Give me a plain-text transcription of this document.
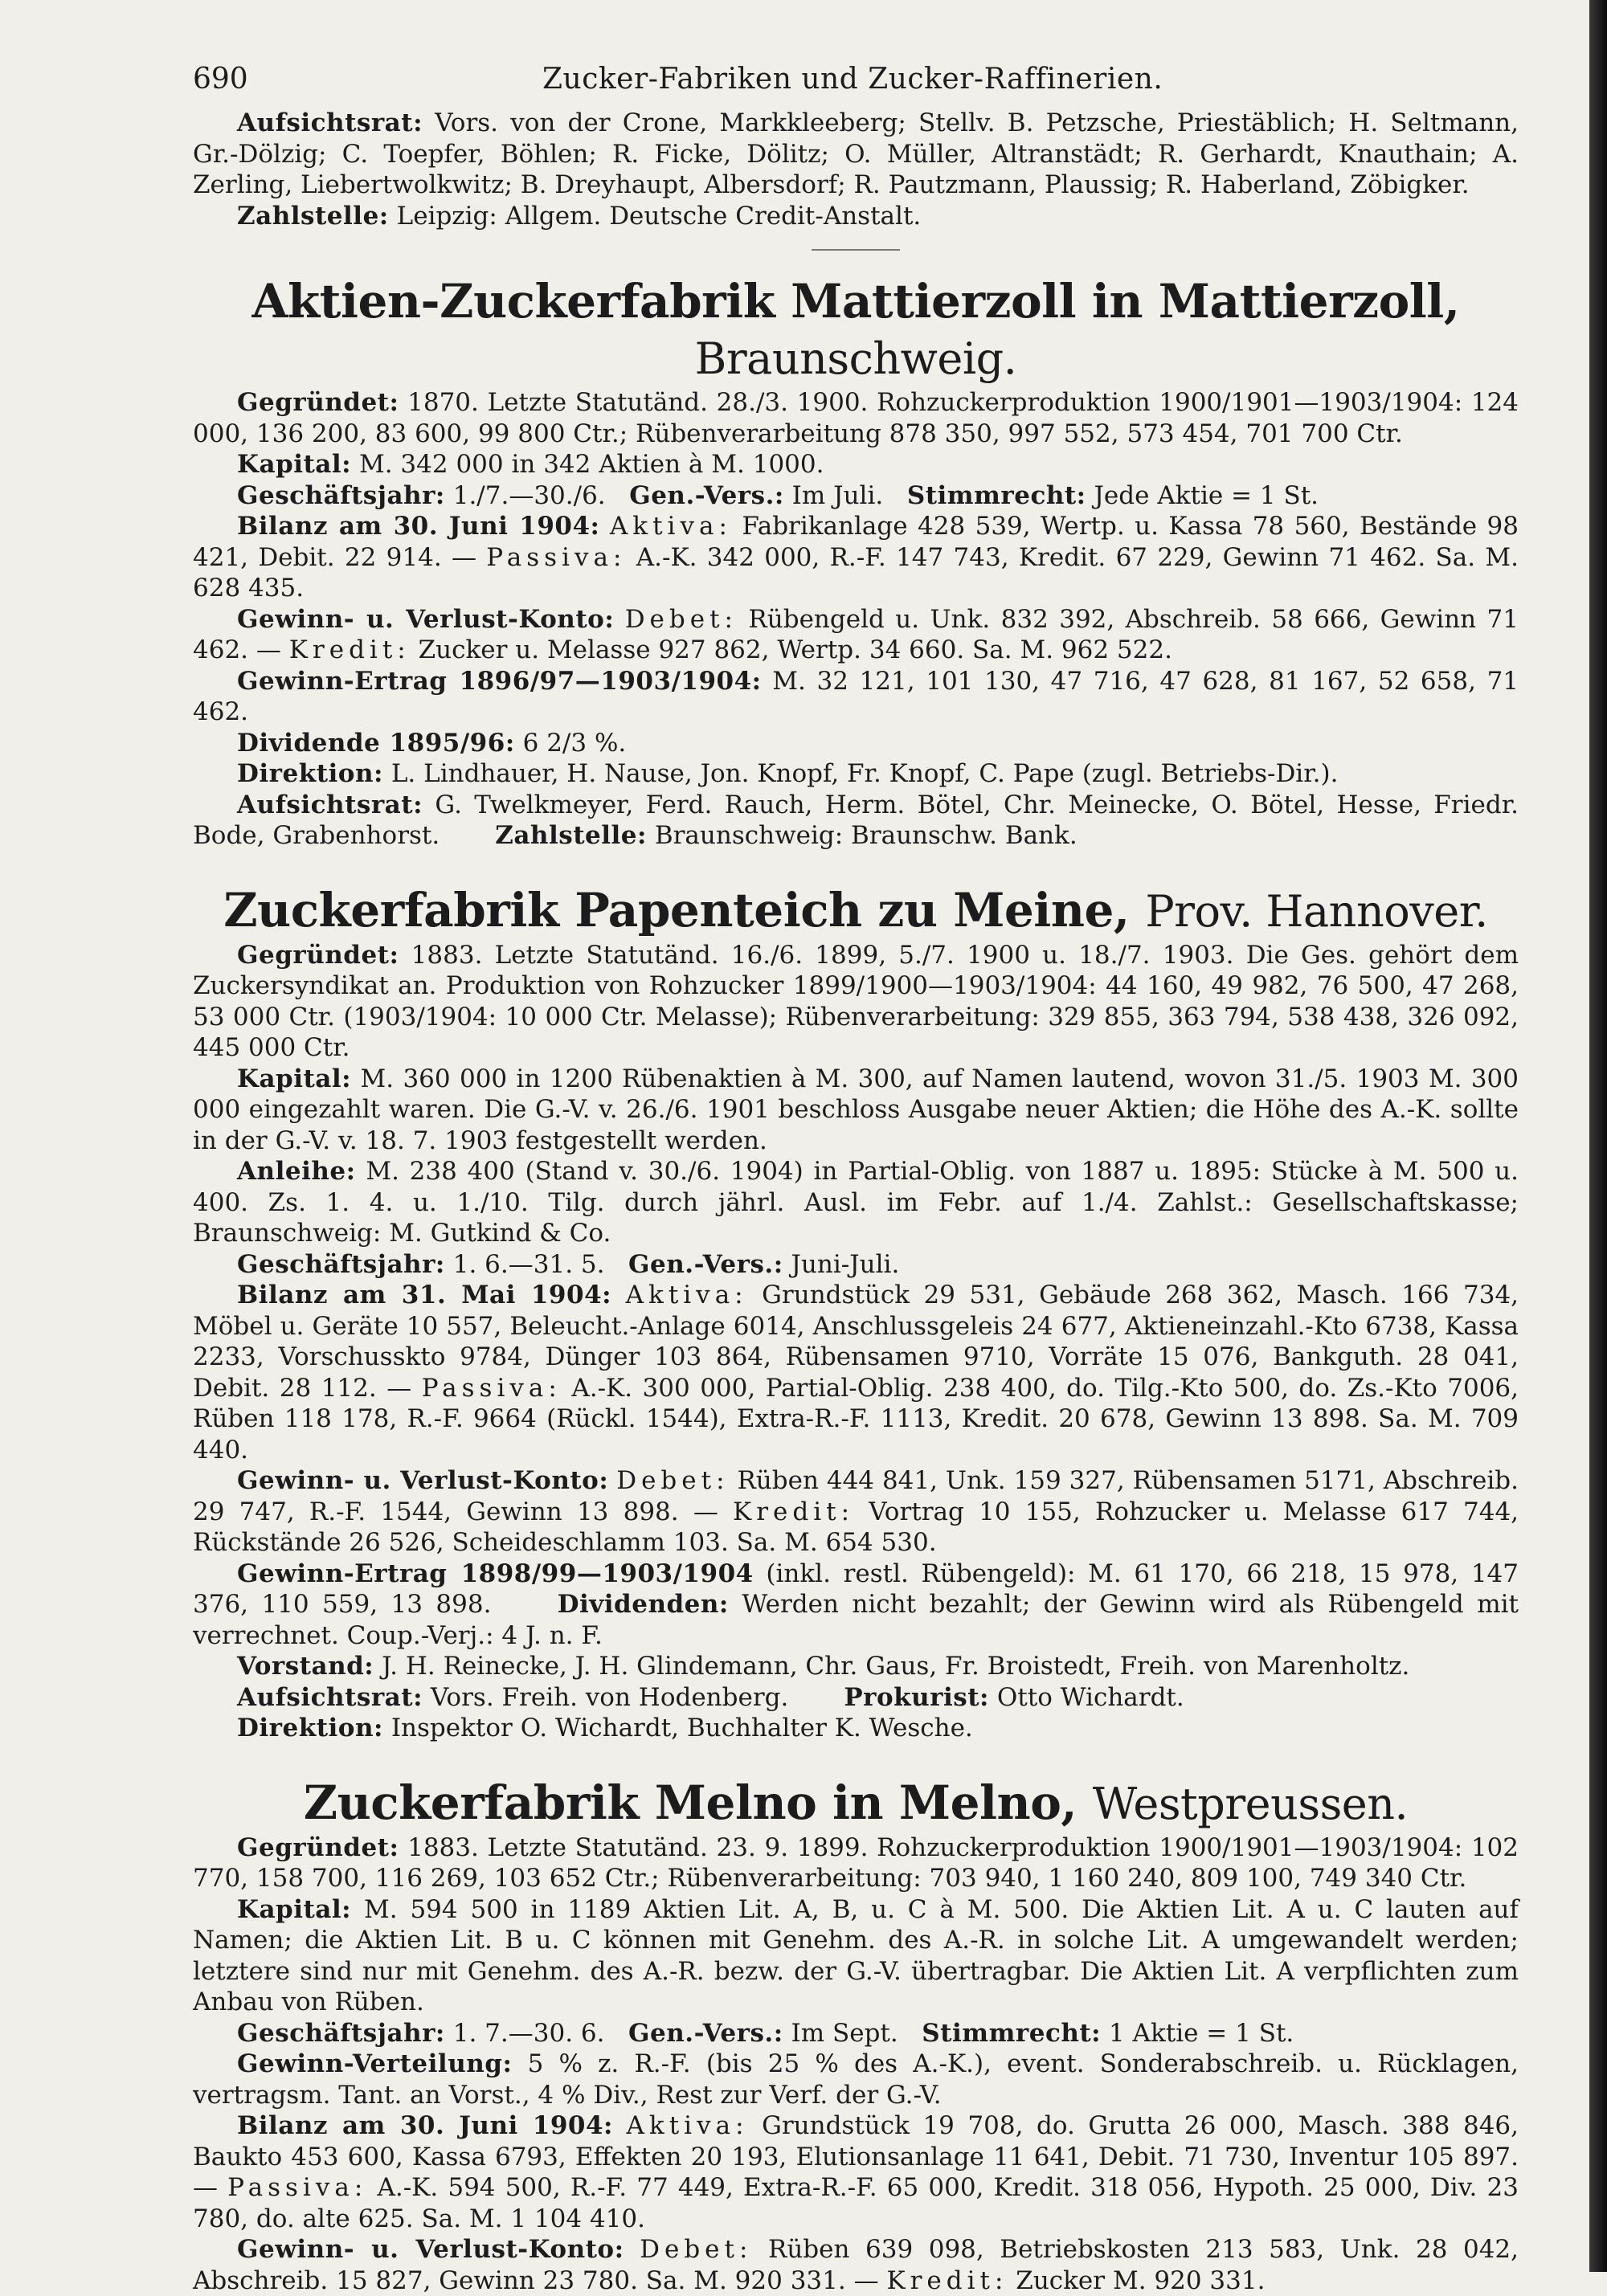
690	Zucker-Fabriken und Zucker-Raffinerien.

Aufsichtsrat: Vors. von der Crone, Markkleeberg; Stellv. B. Petzsche, Priestäblich; H. Seltmann, Gr.-Dölzig; C. Toepfer, Böhlen; R. Ficke, Dölitz; O. Müller, Altranstädt; R. Gerhardt, Knauthain; A. Zerling, Liebertwolkwitz; B. Dreyhaupt, Albersdorf; R. Pautzmann, Plaussig; R. Haberland, Zöbigker.

Zahlstelle: Leipzig: Allgem. Deutsche Credit-Anstalt.

Aktien-Zuckerfabrik Mattierzoll in Mattierzoll, Braunschweig.

Gegründet: 1870. Letzte Statutänd. 28./3. 1900. Rohzuckerproduktion 1900/1901—1903/1904: 124 000, 136 200, 83 600, 99 800 Ctr.; Rübenverarbeitung 878 350, 997 552, 573 454, 701 700 Ctr.

Kapital: M. 342 000 in 342 Aktien à M. 1000.

Geschäftsjahr: 1./7.—30./6. Gen.-Vers.: Im Juli. Stimmrecht: Jede Aktie = 1 St.

Bilanz am 30. Juni 1904: Aktiva: Fabrikanlage 428 539, Wertp. u. Kassa 78 560, Bestände 98 421, Debit. 22 914. — Passiva: A.-K. 342 000, R.-F. 147 743, Kredit. 67 229, Gewinn 71 462. Sa. M. 628 435.

Gewinn- u. Verlust-Konto: Debet: Rübengeld u. Unk. 832 392, Abschreib. 58 666, Gewinn 71 462. — Kredit: Zucker u. Melasse 927 862, Wertp. 34 660. Sa. M. 962 522.

Gewinn-Ertrag 1896/97—1903/1904: M. 32 121, 101 130, 47 716, 47 628, 81 167, 52 658, 71 462.

Dividende 1895/96: 6 2/3 %.

Direktion: L. Lindhauer, H. Nause, Jon. Knopf, Fr. Knopf, C. Pape (zugl. Betriebs-Dir.).

Aufsichtsrat: G. Twelkmeyer, Ferd. Rauch, Herm. Bötel, Chr. Meinecke, O. Bötel, Hesse, Friedr. Bode, Grabenhorst. Zahlstelle: Braunschweig: Braunschw. Bank.

Zuckerfabrik Papenteich zu Meine, Prov. Hannover.

Gegründet: 1883. Letzte Statutänd. 16./6. 1899, 5./7. 1900 u. 18./7. 1903. Die Ges. gehört dem Zuckersyndikat an. Produktion von Rohzucker 1899/1900—1903/1904: 44 160, 49 982, 76 500, 47 268, 53 000 Ctr. (1903/1904: 10 000 Ctr. Melasse); Rübenverarbeitung: 329 855, 363 794, 538 438, 326 092, 445 000 Ctr.

Kapital: M. 360 000 in 1200 Rübenaktien à M. 300, auf Namen lautend, wovon 31./5. 1903 M. 300 000 eingezahlt waren. Die G.-V. v. 26./6. 1901 beschloss Ausgabe neuer Aktien; die Höhe des A.-K. sollte in der G.-V. v. 18. 7. 1903 festgestellt werden.

Anleihe: M. 238 400 (Stand v. 30./6. 1904) in Partial-Oblig. von 1887 u. 1895: Stücke à M. 500 u. 400. Zs. 1. 4. u. 1./10. Tilg. durch jährl. Ausl. im Febr. auf 1./4. Zahlst.: Gesellschaftskasse; Braunschweig: M. Gutkind & Co.

Geschäftsjahr: 1. 6.—31. 5. Gen.-Vers.: Juni-Juli.

Bilanz am 31. Mai 1904: Aktiva: Grundstück 29 531, Gebäude 268 362, Masch. 166 734, Möbel u. Geräte 10 557, Beleucht.-Anlage 6014, Anschlussgeleis 24 677, Aktieneinzahl.-Kto 6738, Kassa 2233, Vorschusskto 9784, Dünger 103 864, Rübensamen 9710, Vorräte 15 076, Bankguth. 28 041, Debit. 28 112. — Passiva: A.-K. 300 000, Partial-Oblig. 238 400, do. Tilg.-Kto 500, do. Zs.-Kto 7006, Rüben 118 178, R.-F. 9664 (Rückl. 1544), Extra-R.-F. 1113, Kredit. 20 678, Gewinn 13 898. Sa. M. 709 440.

Gewinn- u. Verlust-Konto: Debet: Rüben 444 841, Unk. 159 327, Rübensamen 5171, Abschreib. 29 747, R.-F. 1544, Gewinn 13 898. — Kredit: Vortrag 10 155, Rohzucker u. Melasse 617 744, Rückstände 26 526, Scheideschlamm 103. Sa. M. 654 530.

Gewinn-Ertrag 1898/99—1903/1904 (inkl. restl. Rübengeld): M. 61 170, 66 218, 15 978, 147 376, 110 559, 13 898.	Dividenden: Werden nicht bezahlt; der Gewinn wird als Rübengeld mit verrechnet. Coup.-Verj.: 4 J. n. F.

Vorstand: J. H. Reinecke, J. H. Glindemann, Chr. Gaus, Fr. Broistedt, Freih. von Marenholtz.

Aufsichtsrat: Vors. Freih. von Hodenberg. Prokurist: Otto Wichardt.

Direktion: Inspektor O. Wichardt, Buchhalter K. Wesche.

Zuckerfabrik Melno in Melno, Westpreussen.

Gegründet: 1883. Letzte Statutänd. 23. 9. 1899. Rohzuckerproduktion 1900/1901—1903/1904: 102 770, 158 700, 116 269, 103 652 Ctr.; Rübenverarbeitung: 703 940, 1 160 240, 809 100, 749 340 Ctr.

Kapital: M. 594 500 in 1189 Aktien Lit. A, B, u. C à M. 500. Die Aktien Lit. A u. C lauten auf Namen; die Aktien Lit. B u. C können mit Genehm. des A.-R. in solche Lit. A umgewandelt werden; letztere sind nur mit Genehm. des A.-R. bezw. der G.-V. übertragbar. Die Aktien Lit. A verpflichten zum Anbau von Rüben.

Geschäftsjahr: 1. 7.—30. 6. Gen.-Vers.: Im Sept. Stimmrecht: 1 Aktie = 1 St.

Gewinn-Verteilung: 5 % z. R.-F. (bis 25 % des A.-K.), event. Sonderabschreib. u. Rücklagen, vertragsm. Tant. an Vorst., 4 % Div., Rest zur Verf. der G.-V.

Bilanz am 30. Juni 1904: Aktiva: Grundstück 19 708, do. Grutta 26 000, Masch. 388 846, Baukto 453 600, Kassa 6793, Effekten 20 193, Elutionsanlage 11 641, Debit. 71 730, Inventur 105 897. — Passiva: A.-K. 594 500, R.-F. 77 449, Extra-R.-F. 65 000, Kredit. 318 056, Hypoth. 25 000, Div. 23 780, do. alte 625. Sa. M. 1 104 410.

Gewinn- u. Verlust-Konto: Debet: Rüben 639 098, Betriebskosten 213 583, Unk. 28 042, Abschreib. 15 827, Gewinn 23 780. Sa. M. 920 331. — Kredit: Zucker M. 920 331.
